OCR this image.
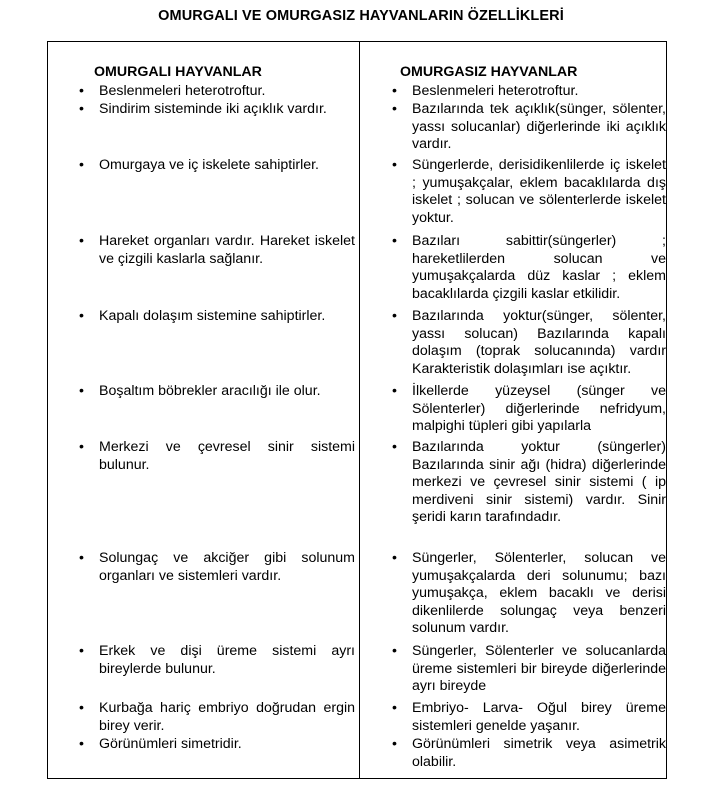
OMURGALI VE OMURGASIZ HAYVANLARIN ÖZELLİKLERİ
OMURGALI HAYVANLAR	OMURGASIZ HAYVANLAR
• Beslenmeleri heterotroftur.
• Sindirim sisteminde iki açıklık vardır.
• Omurgaya ve iç iskelete sahiptirler.
• Hareket organları vardır. Hareket iskelet ve çizgili kaslarla sağlanır.
• Kapalı dolaşım sistemine sahiptirler.
• Boşaltım böbrekler aracılığı ile olur.
• Merkezi ve çevresel sinir sistemi bulunur.
• Solungaç ve akciğer gibi solunum organları ve sistemleri vardır.
• Erkek ve dişi üreme sistemi ayrı bireylerde bulunur.
• Kurbağa hariç embriyo doğrudan ergin birey verir.
• Görünümleri simetridir.
• Beslenmeleri heterotroftur.
• Bazılarında tek açıklık(sünger, sölenter, yassı solucanlar) diğerlerinde iki açıklık vardır.
• Süngerlerde, derisidikenlilerde iç iskelet ; yumuşakçalar, eklem bacaklılarda dış iskelet ; solucan ve sölenterlerde iskelet yoktur.
• Bazıları sabittir(süngerler) ; hareketlilerden solucan ve yumuşakçalarda düz kaslar ; eklem bacaklılarda çizgili kaslar etkilidir.
• Bazılarında yoktur(sünger, sölenter, yassı solucan) Bazılarında kapalı dolaşım (toprak solucanında) vardır Karakteristik dolaşımları ise açıktır.
• İlkellerde yüzeysel (sünger ve Sölenterler) diğerlerinde nefridyum, malpighi tüpleri gibi yapılarla
• Bazılarında yoktur (süngerler) Bazılarında sinir ağı (hidra) diğerlerinde merkezi ve çevresel sinir sistemi ( ip merdiveni sinir sistemi) vardır. Sinir şeridi karın tarafındadır.
• Süngerler, Sölenterler, solucan ve yumuşakçalarda deri solunumu; bazı yumuşakça, eklem bacaklı ve derisi dikenlilerde solungaç veya benzeri solunum vardır.
• Süngerler, Sölenterler ve solucanlarda üreme sistemleri bir bireyde diğerlerinde ayrı bireyde
• Embriyo- Larva- Oğul birey üreme sistemleri genelde yaşanır.
• Görünümleri simetrik veya asimetrik olabilir.
